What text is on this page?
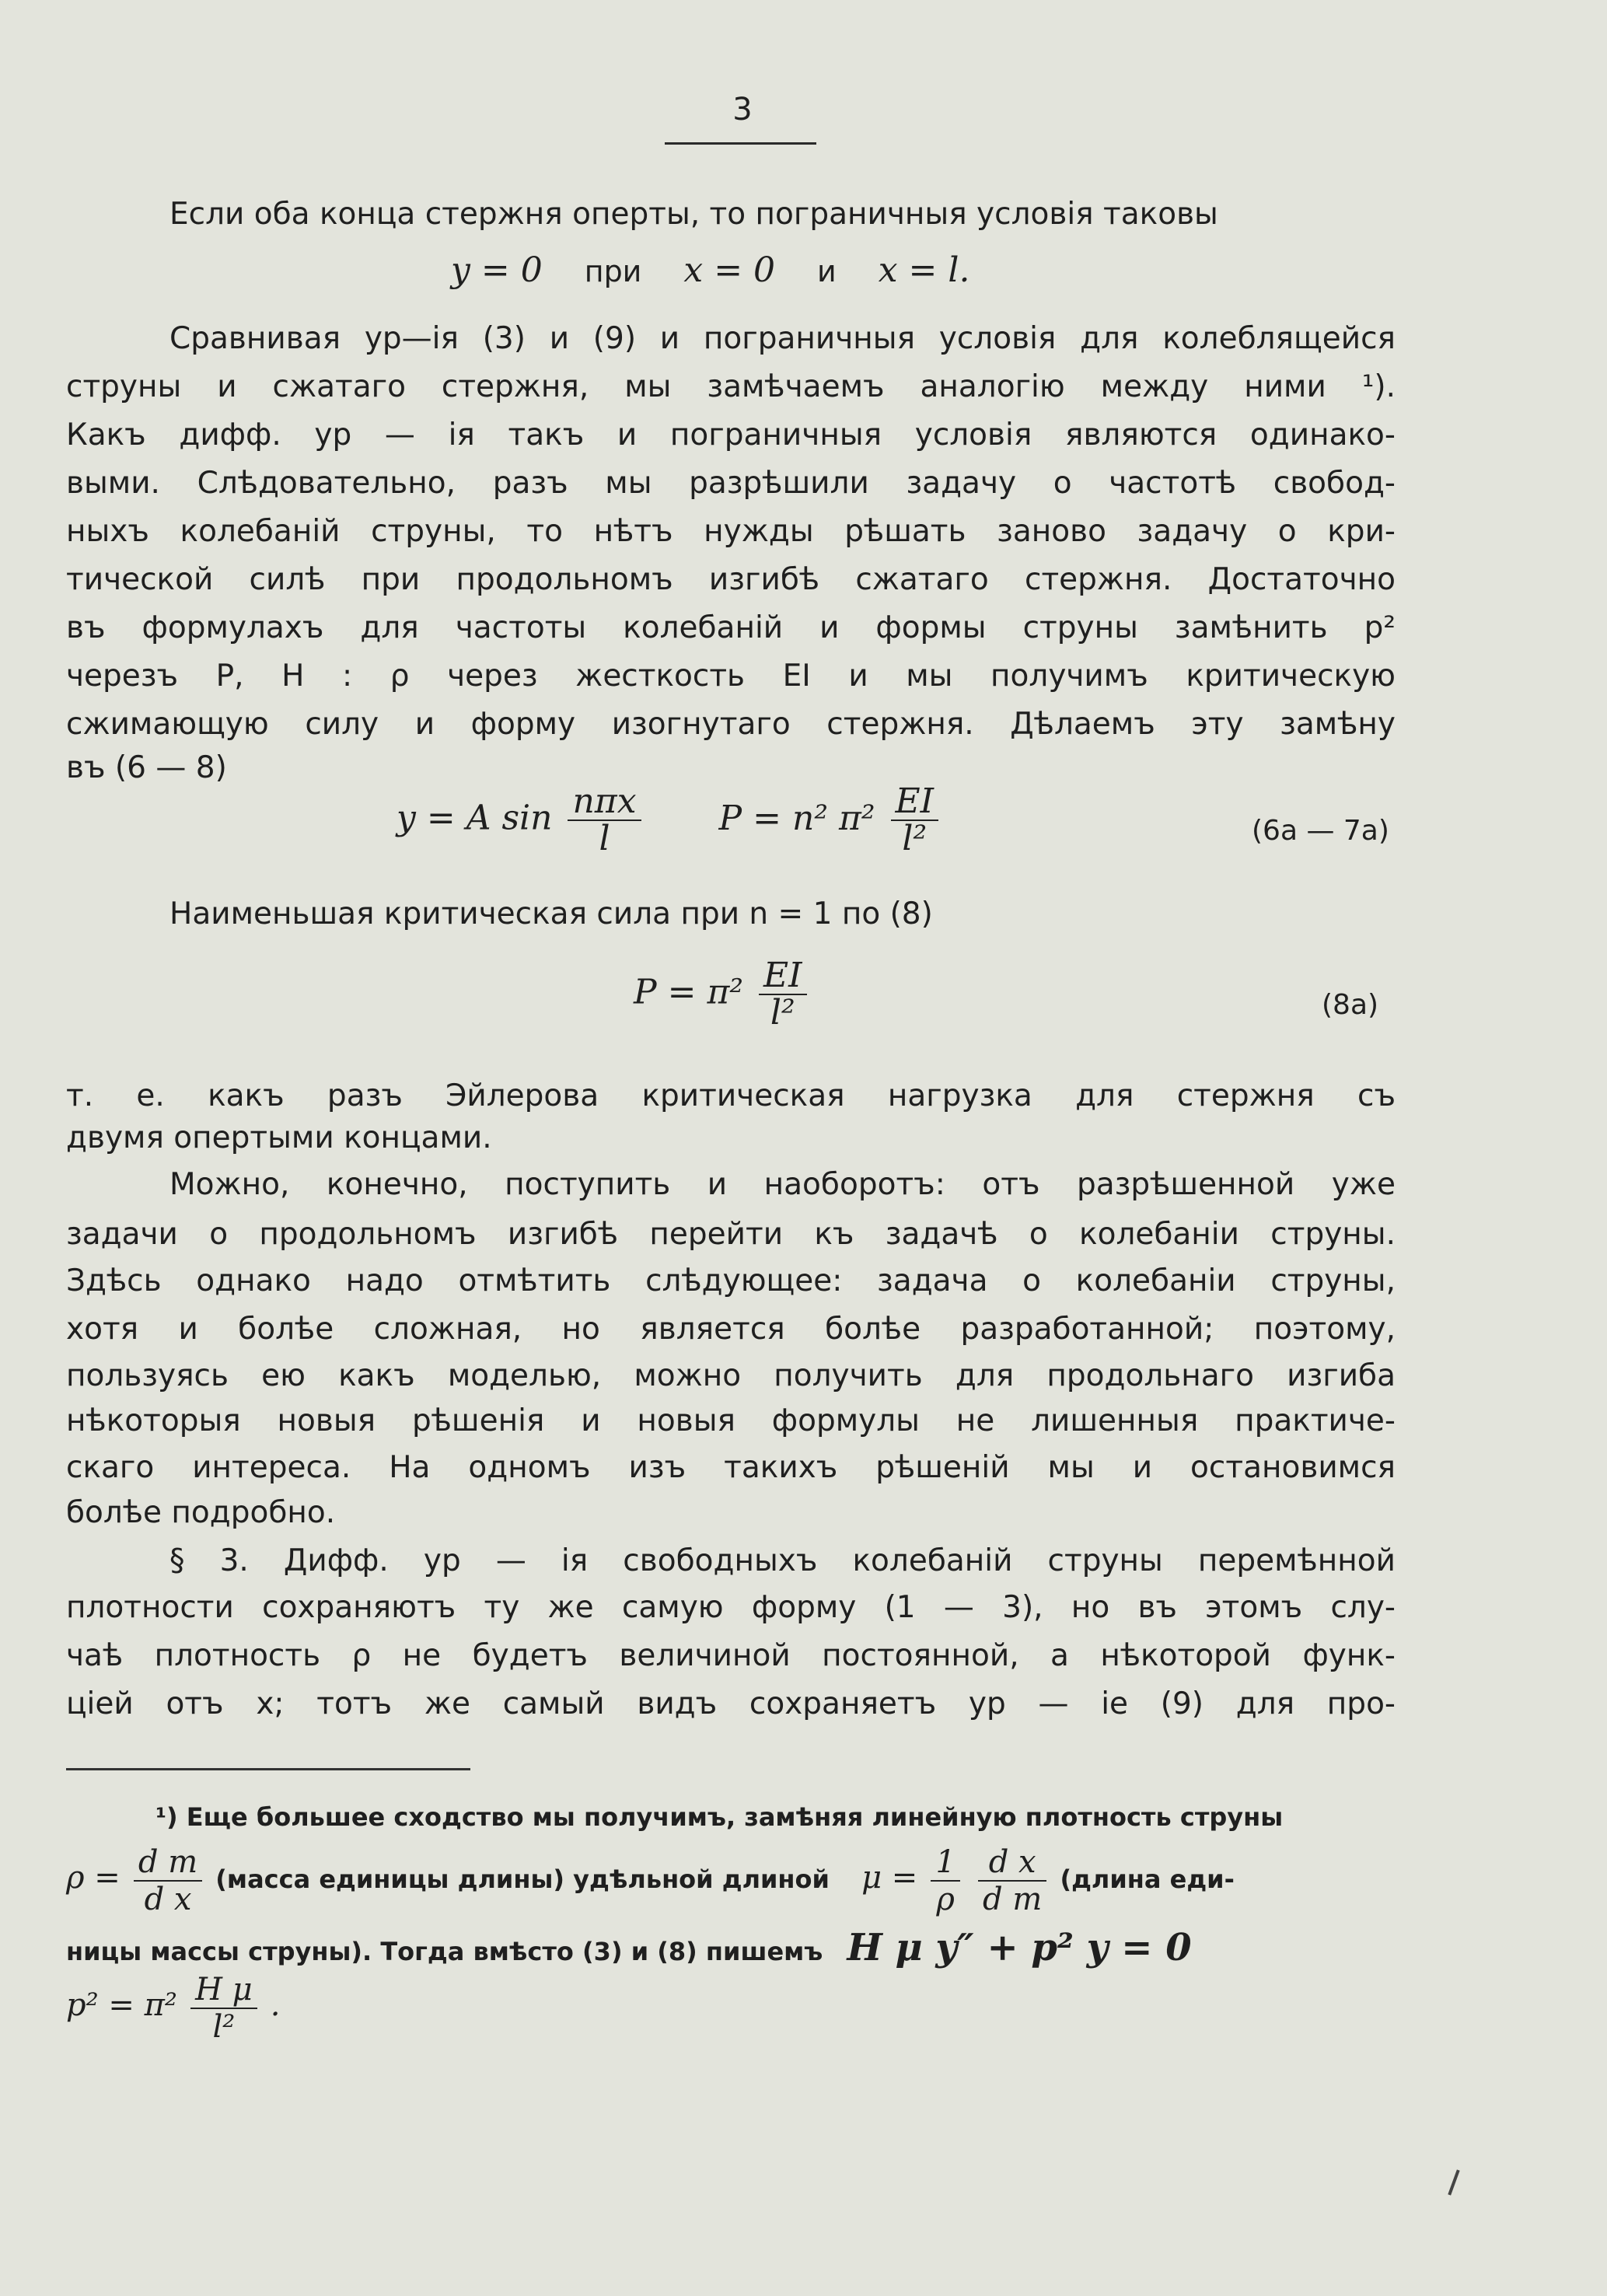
3
Если оба конца стержня оперты, то пограничныя условія таковы
y = 0 при x = 0 и x = l.
Сравнивая ур—ія (3) и (9) и пограничныя условія для колеблящейся
струны и сжатаго стержня, мы замѣчаемъ аналогію между ними ¹).
Какъ дифф. ур — ія такъ и пограничныя условія являются одинако-
выми. Слѣдовательно, разъ мы разрѣшили задачу о частотѣ свобод-
ныхъ колебаній струны, то нѣтъ нужды рѣшать заново задачу о кри-
тической силѣ при продольномъ изгибѣ сжатаго стержня. Достаточно
въ формулахъ для частоты колебаній и формы струны замѣнить p²
черезъ P, H : ρ через жесткость EI и мы получимъ критическую
сжимающую силу и форму изогнутаго стержня. Дѣлаемъ эту замѣну
въ (6 — 8)
y = A $\sin \frac{\text{nπx}}{l}$ P = n² $\pi^2 \frac{EI}{\text{l²}}$	(6а — 7а)
Наименьшая критическая сила при n = 1 по (8)
$P = \pi^2 \frac{EI}{\text{l²}}$	(8а)
т. е. какъ разъ Эйлерова критическая нагрузка для стержня съ
двумя опертыми концами.
Можно, конечно, поступить и наоборотъ: отъ разрѣшенной уже
задачи о продольномъ изгибѣ перейти къ задачѣ о колебаніи струны.
Здѣсь однако надо отмѣтить слѣдующее: задача о колебаніи струны,
хотя и болѣе сложная, но является болѣе разработанной; поэтому,
пользуясь ею какъ моделью, можно получить для продольнаго изгиба
нѣкоторыя новыя рѣшенія и новыя формулы не лишенныя практиче-
скаго интереса. На одномъ изъ такихъ рѣшеній мы и остановимся
болѣе подробно.
§ 3. Дифф. ур — ія свободныхъ колебаній струны перемѣнной
плотности сохраняютъ ту же самую форму (1 — 3), но въ этомъ слу-
чаѣ плотность ρ не будетъ величиной постоянной, а нѣкоторой функ-
ціей отъ x; тотъ же самый видъ сохраняетъ ур — іе (9) для про-
¹) Еще большее сходство мы получимъ, замѣняя линейную плотность струны
$\rho = \frac{\text{d m}}{\text{d x}}$ (масса единицы длины) удѣльной длиной $\mu = \frac{1}{\rho}$
$\frac{\text{d x}}{\text{d m}}$ (длина еди-
ницы массы струны). Тогда вмѣсто (3) и (8) пишемъ H μ y″ + p² y = 0
$p^2 = \pi^2 \frac{\text{H μ}}{\text{l²}}$ .
